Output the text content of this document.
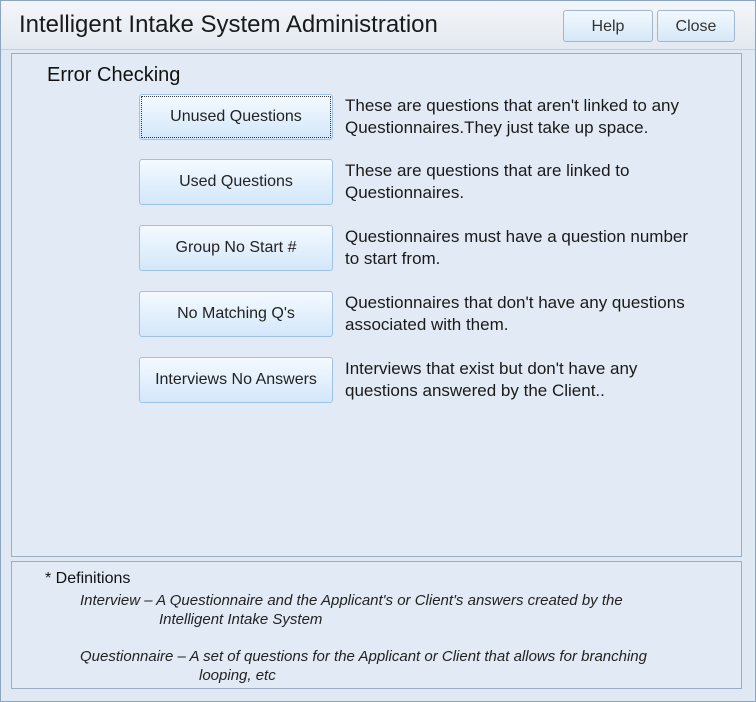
Intelligent Intake System Administration	Help	Close
Error Checking
Unused Questions
These are questions that aren't linked to any
Questionnaires.They just take up space.
Used Questions
These are questions that are linked to
Questionnaires.
Group No Start #
Questionnaires must have a question number
to start from.
No Matching Q's
Questionnaires that don't have any questions
associated with them.
Interviews No Answers
Interviews that exist but don't have any
questions answered by the Client..
* Definitions
Interview – A Questionnaire and the Applicant's or Client's answers created by the
Intelligent Intake System
Questionnaire – A set of questions for the Applicant or Client that allows for branching
looping, etc
